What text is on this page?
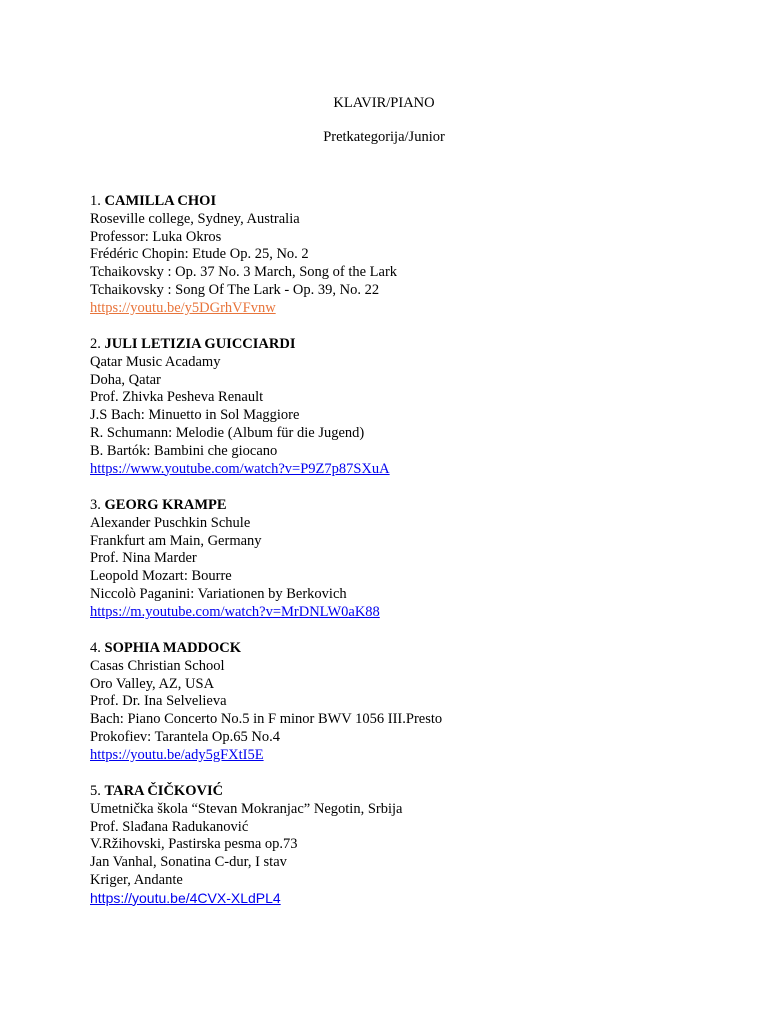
KLAVIR/PIANO
Pretkategorija/Junior
1. CAMILLA CHOI
Roseville college, Sydney, Australia
Professor: Luka Okros
Frédéric Chopin: Etude Op. 25, No. 2
Tchaikovsky : Op. 37 No. 3 March, Song of the Lark
Tchaikovsky : Song Of The Lark - Op. 39, No. 22
https://youtu.be/y5DGrhVFvnw
2. JULI LETIZIA GUICCIARDI
Qatar Music Acadamy
Doha, Qatar
Prof. Zhivka Pesheva Renault
J.S Bach: Minuetto in Sol Maggiore
R. Schumann: Melodie (Album für die Jugend)
B. Bartók: Bambini che giocano
https://www.youtube.com/watch?v=P9Z7p87SXuA
3. GEORG KRAMPE
Alexander Puschkin Schule
Frankfurt am Main, Germany
Prof. Nina Marder
Leopold Mozart: Bourre
Niccolò Paganini: Variationen by Berkovich
https://m.youtube.com/watch?v=MrDNLW0aK88
4. SOPHIA MADDOCK
Casas Christian School
Oro Valley, AZ, USA
Prof. Dr. Ina Selvelieva
Bach: Piano Concerto No.5 in F minor BWV 1056 III.Presto
Prokofiev: Tarantela Op.65 No.4
https://youtu.be/ady5gFXtI5E
5. TARA ČIČKOVIĆ
Umetnička škola “Stevan Mokranjac” Negotin, Srbija
Prof. Slađana Radukanović
V.Ržihovski, Pastirska pesma op.73
Jan Vanhal, Sonatina C-dur, I stav
Kriger, Andante
https://youtu.be/4CVX-XLdPL4
